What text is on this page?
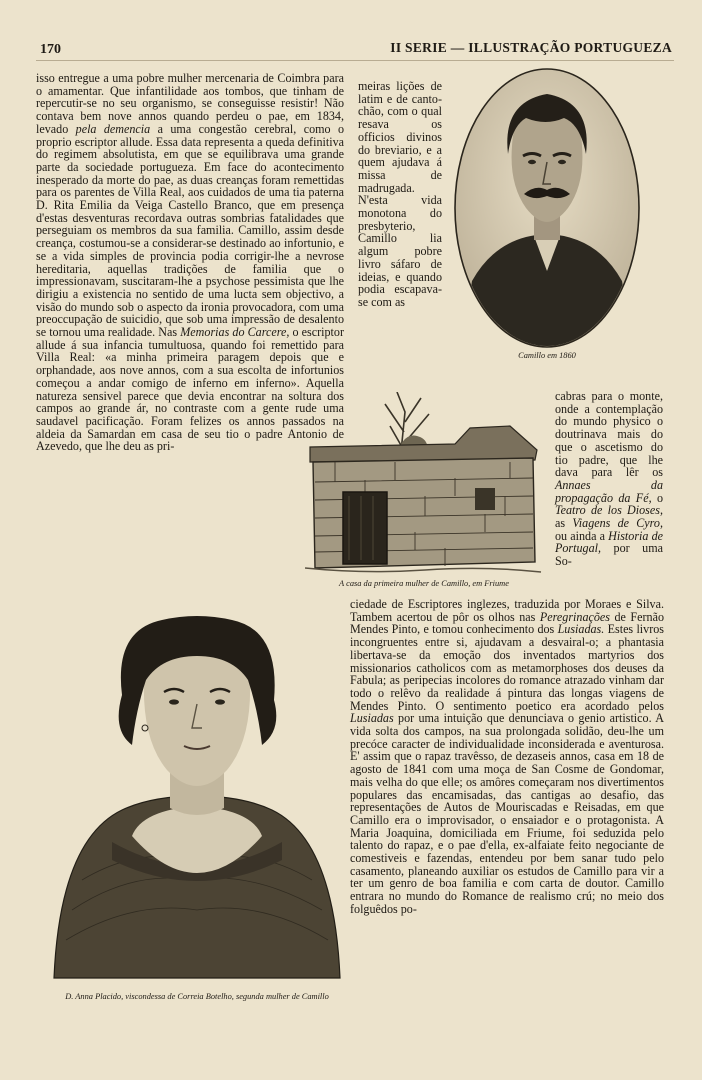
170	II SERIE — ILLUSTRAÇÃO PORTUGUEZA

isso entregue a uma pobre mulher mercenaria de Coimbra para o amamentar. Que infantilidade aos tombos, que tinham de repercutir-se no seu organismo, se conseguisse resistir! Não contava bem nove annos quando perdeu o pae, em 1834, levado pela demencia a uma congestão cerebral, como o proprio escriptor allude. Essa data representa a queda definitiva do regimem absolutista, em que se equilibrava uma grande parte da sociedade portugueza. Em face do acontecimento inesperado da morte do pae, as duas creanças foram remettidas para os parentes de Villa Real, aos cuidados de uma tia paterna D. Rita Emilia da Veiga Castello Branco, que em presença d'estas desventuras recordava outras sombrias fatalidades que perseguiam os membros da sua familia. Camillo, assim desde creança, costumou-se a considerar-se destinado ao infortunio, e se a vida simples de provincia podia corrigir-lhe a nevrose hereditaria, aquellas tradições de familia que o impressionavam, suscitaram-lhe a psychose pessimista que lhe dirigiu a existencia no sentido de uma lucta sem objectivo, a visão do mundo sob o aspecto da ironia provocadora, com uma preoccupação de suicidio, que sob uma impressão de desalento se tornou uma realidade. Nas Memorias do Carcere, o escriptor allude á sua infancia tumultuosa, quando foi remettido para Villa Real: «a minha primeira paragem depois que e orphandade, aos nove annos, com a sua escolta de infortunios começou a andar comigo de inferno em inferno». Aquella natureza sensivel parece que devia encontrar na soltura dos campos ao grande ár, no contraste com a gente rude uma saudavel pacificação. Foram felizes os annos passados na aldeia da Samardan em casa de seu tio o padre Antonio de Azevedo, que lhe deu as pri-

meiras lições de latim e de canto-chão, com o qual resava os officios divinos do breviario, e a quem ajudava á missa de madrugada. N'esta vida monotona do presbyterio, Camillo lia algum pobre livro sáfaro de ideias, e quando podia escapava-se com as

Camillo em 1860

cabras para o monte, onde a contemplação do mundo physico o doutrinava mais do que o ascetismo do tio padre, que lhe dava para lêr os Annaes da propagação da Fé, o Teatro de los Dioses, as Viagens de Cyro, ou ainda a Historia de Portugal, por uma So-

A casa da primeira mulher de Camillo, em Friume

ciedade de Escriptores inglezes, traduzida por Moraes e Silva. Tambem acertou de pôr os olhos nas Peregrinações de Fernão Mendes Pinto, e tomou conhecimento dos Lusiadas. Estes livros incongruentes entre si, ajudavam a desvairal-o; a phantasia libertava-se da emoção dos inventados martyrios dos missionarios catholicos com as metamorphoses dos deuses da Fabula; as peripecias incolores do romance atrazado vinham dar todo o relêvo da realidade á pintura das longas viagens de Mendes Pinto. O sentimento poetico era acordado pelos Lusiadas por uma intuição que denunciava o genio artistico. A vida solta dos campos, na sua prolongada solidão, deu-lhe um precóce caracter de individualidade inconsiderada e aventurosa. E' assim que o rapaz travêsso, de dezaseis annos, casa em 18 de agosto de 1841 com uma moça de San Cosme de Gondomar, mais velha do que elle; os amôres começaram nos divertimentos populares das encamisadas, das cantigas ao desafio, das representações de Autos de Mouriscadas e Reisadas, em que Camillo era o improvisador, o ensaiador e o protagonista. A Maria Joaquina, domiciliada em Friume, foi seduzida pelo talento do rapaz, e o pae d'ella, ex-alfaiate feito negociante de comestiveis e fazendas, entendeu por bem sanar tudo pelo casamento, planeando auxiliar os estudos de Camillo para vir a ter um genro de boa familia e com carta de doutor. Camillo entrara no mundo do Romance de realismo crú; no meio dos folguêdos po-

D. Anna Placido, viscondessa de Correia Botelho, segunda mulher de Camillo
